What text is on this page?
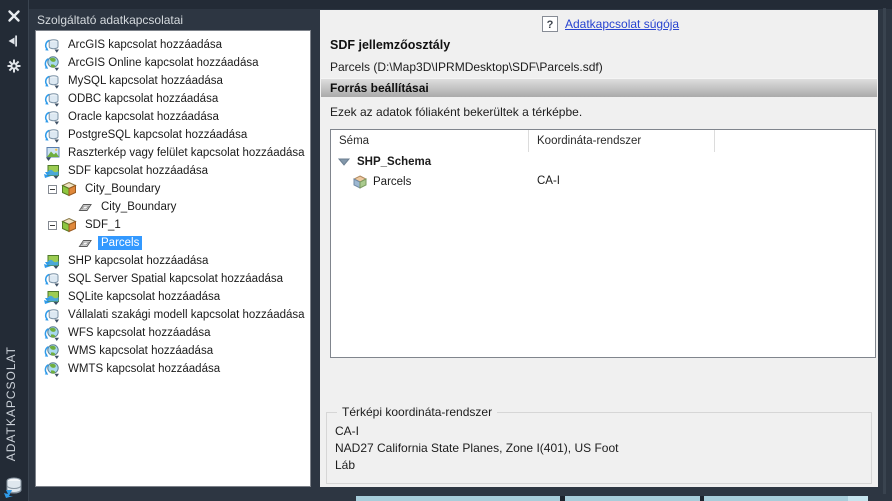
ADATKAPCSOLAT
Szolgáltató adatkapcsolatai
ArcGIS kapcsolat hozzáadása
ArcGIS Online kapcsolat hozzáadása
MySQL kapcsolat hozzáadása
ODBC kapcsolat hozzáadása
Oracle kapcsolat hozzáadása
PostgreSQL kapcsolat hozzáadása
Raszterkép vagy felület kapcsolat hozzáadása
SDF kapcsolat hozzáadása
City_Boundary
City_Boundary
SDF_1
Parcels
SHP kapcsolat hozzáadása
SQL Server Spatial kapcsolat hozzáadása
SQLite kapcsolat hozzáadása
Vállalati szakági modell kapcsolat hozzáadása
WFS kapcsolat hozzáadása
WMS kapcsolat hozzáadása
WMTS kapcsolat hozzáadása
? Adatkapcsolat súgója
SDF jellemzőosztály
Parcels (D:\Map3D\IPRMDesktop\SDF\Parcels.sdf)
Forrás beállításai
Ezek az adatok fóliaként bekerültek a térképbe.
Séma	Koordináta-rendszer
SHP_Schema
Parcels	CA-I
Térképi koordináta-rendszer
CA-I
NAD27 California State Planes, Zone I(401), US Foot
Láb
